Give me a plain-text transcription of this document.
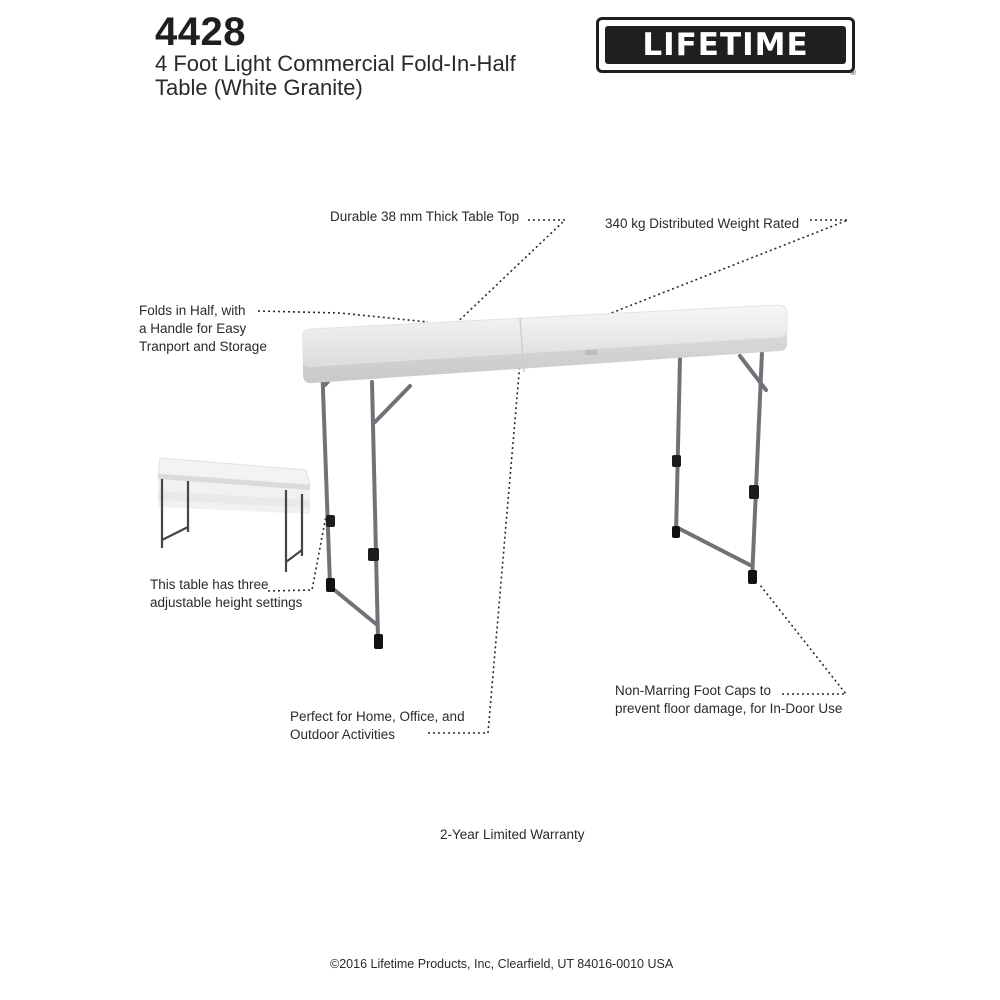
4428
4 Foot Light Commercial Fold-In-Half
Table (White Granite)
LIFETIME
®
Durable 38 mm Thick Table Top	340 kg Distributed Weight Rated
Folds in Half, with
a Handle for Easy
Tranport and Storage
This table has three
adjustable height settings
Perfect for Home, Office, and
Outdoor Activities
Non-Marring Foot Caps to
prevent floor damage, for In-Door Use
2-Year Limited Warranty
©2016 Lifetime Products, Inc, Clearfield, UT 84016-0010 USA
